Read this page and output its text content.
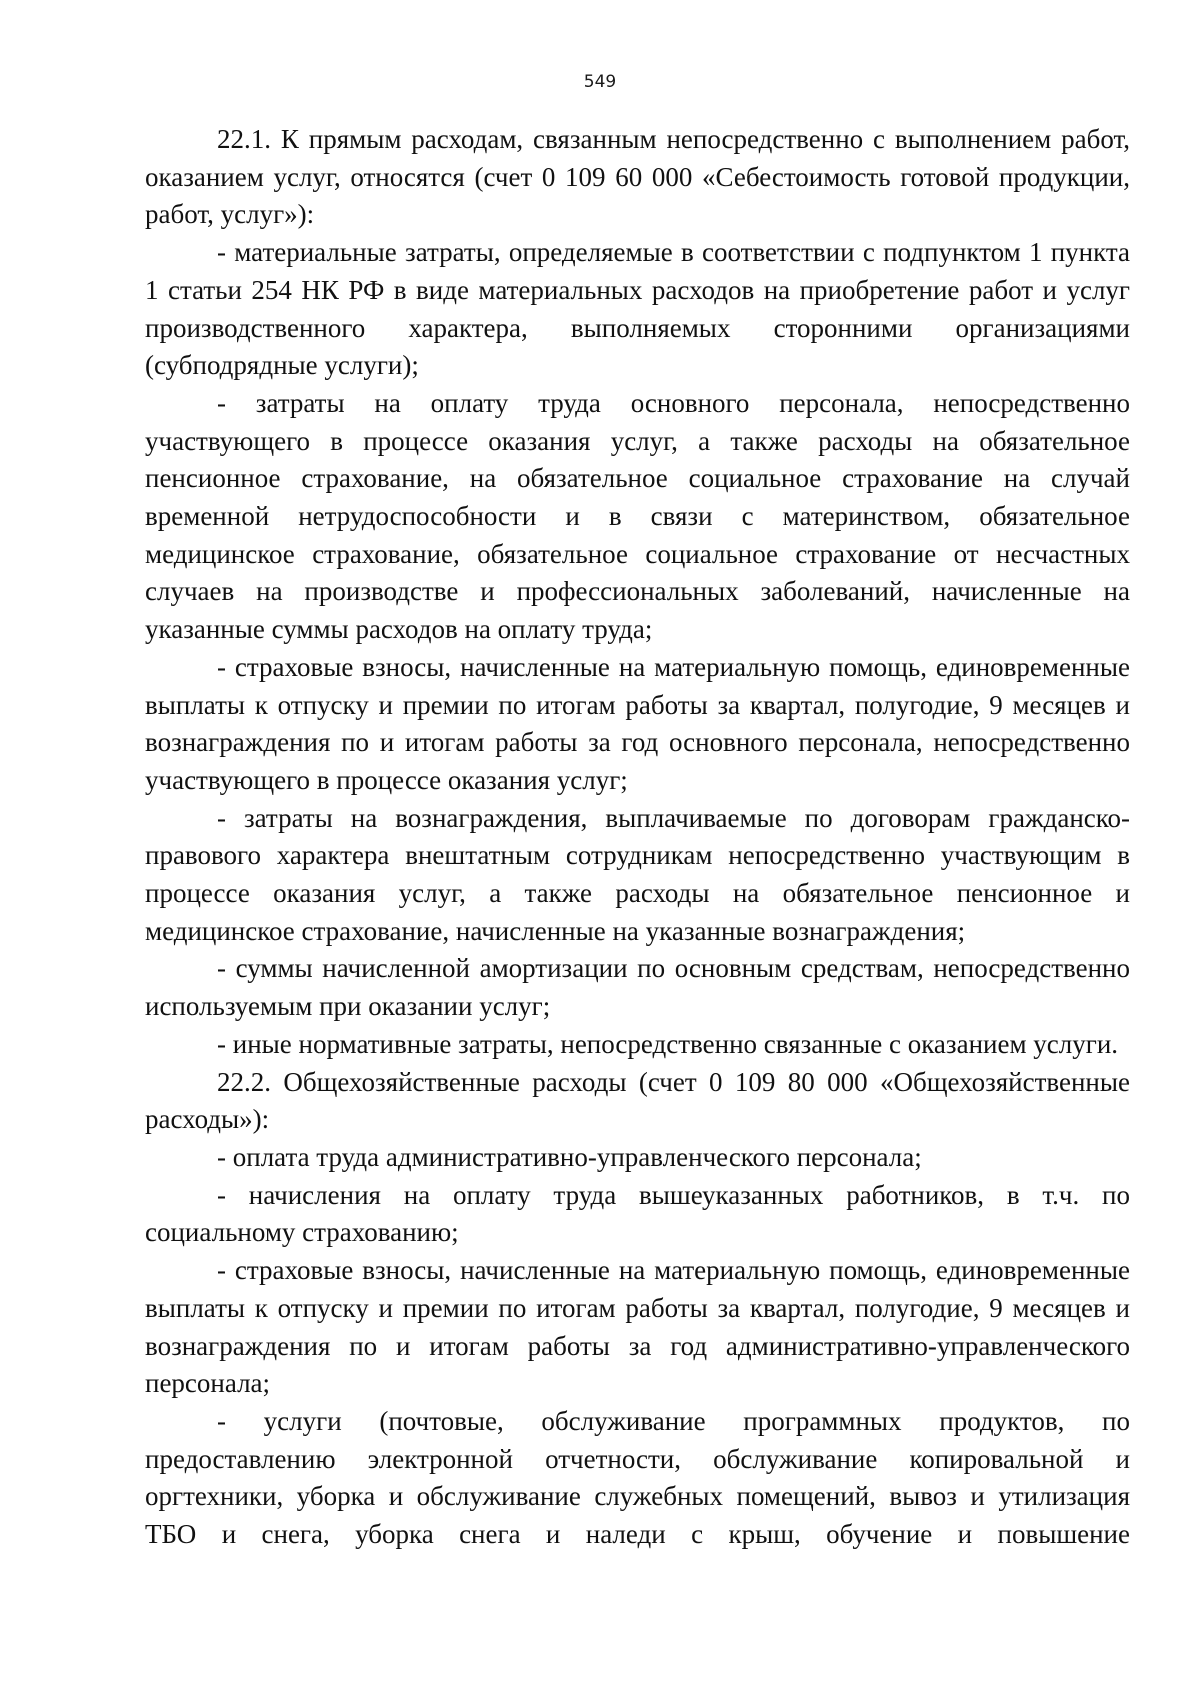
549

22.1. К прямым расходам, связанным непосредственно с выполнением работ, оказанием услуг, относятся (счет 0 109 60 000 «Себестоимость готовой продукции, работ, услуг»):

- материальные затраты, определяемые в соответствии с подпунктом 1 пункта 1 статьи 254 НК РФ в виде материальных расходов на приобретение работ и услуг производственного характера, выполняемых сторонними организациями (субподрядные услуги);

- затраты на оплату труда основного персонала, непосредственно участвующего в процессе оказания услуг, а также расходы на обязательное пенсионное страхование, на обязательное социальное страхование на случай временной нетрудоспособности и в связи с материнством, обязательное медицинское страхование, обязательное социальное страхование от несчастных случаев на производстве и профессиональных заболеваний, начисленные на указанные суммы расходов на оплату труда;

- страховые взносы, начисленные на материальную помощь, единовременные выплаты к отпуску и премии по итогам работы за квартал, полугодие, 9 месяцев и вознаграждения по и итогам работы за год основного персонала, непосредственно участвующего в процессе оказания услуг;

- затраты на вознаграждения, выплачиваемые по договорам гражданско-правового характера внештатным сотрудникам непосредственно участвующим в процессе оказания услуг, а также расходы на обязательное пенсионное и медицинское страхование, начисленные на указанные вознаграждения;

- суммы начисленной амортизации по основным средствам, непосредственно используемым при оказании услуг;

- иные нормативные затраты, непосредственно связанные с оказанием услуги.

22.2. Общехозяйственные расходы (счет 0 109 80 000 «Общехозяйственные расходы»):

- оплата труда административно-управленческого персонала;

- начисления на оплату труда вышеуказанных работников, в т.ч. по социальному страхованию;

- страховые взносы, начисленные на материальную помощь, единовременные выплаты к отпуску и премии по итогам работы за квартал, полугодие, 9 месяцев и вознаграждения по и итогам работы за год административно-управленческого персонала;

- услуги (почтовые, обслуживание программных продуктов, по предоставлению электронной отчетности, обслуживание копировальной и оргтехники, уборка и обслуживание служебных помещений, вывоз и утилизация ТБО и снега, уборка снега и наледи с крыш, обучение и повышение
